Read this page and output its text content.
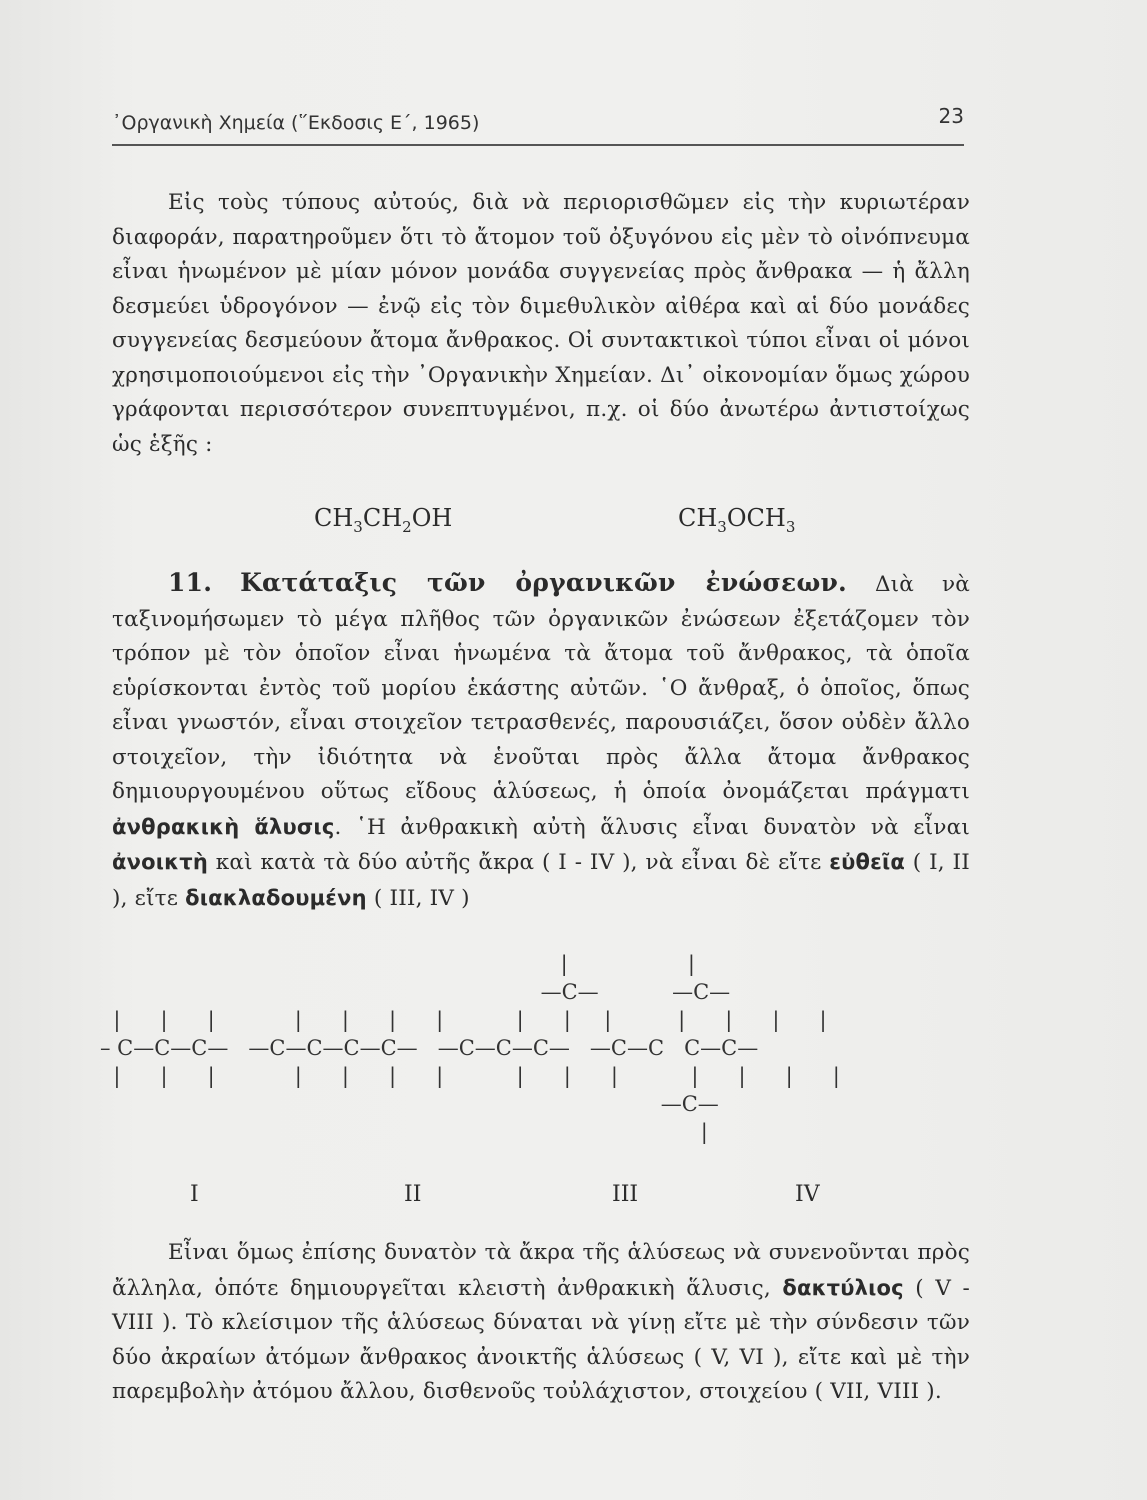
᾿Οργανικὴ Χημεία (῞Εκδοσις Ε΄, 1965)	23

Εἰς τοὺς τύπους αὐτούς, διὰ νὰ περιορισθῶμεν εἰς τὴν κυριωτέραν διαφοράν, παρατηροῦμεν ὅτι τὸ ἄτομον τοῦ ὀξυγόνου εἰς μὲν τὸ οἰνόπνευμα εἶναι ἡνωμένον μὲ μίαν μόνον μονάδα συγγενείας πρὸς ἄνθρακα — ἡ ἄλλη δεσμεύει ὑδρογόνον — ἐνῷ εἰς τὸν διμεθυλικὸν αἰθέρα καὶ αἱ δύο μονάδες συγγενείας δεσμεύουν ἄτομα ἄνθρακος. Οἱ συντακτικοὶ τύποι εἶναι οἱ μόνοι χρησιμοποιούμενοι εἰς τὴν ᾿Οργανικὴν Χημείαν. Δι᾿ οἰκονομίαν ὅμως χώρου γράφονται περισσότερον συνεπτυγμένοι, π.χ. οἱ δύο ἀνωτέρω ἀντιστοίχως ὡς ἑξῆς :

$CH_3CH_2OH$	$CH_3OCH_3$

11. Κατάταξις τῶν ὀργανικῶν ἐνώσεων. Διὰ νὰ ταξινομήσωμεν τὸ μέγα πλῆθος τῶν ὀργανικῶν ἐνώσεων ἐξετάζομεν τὸν τρόπον μὲ τὸν ὁποῖον εἶναι ἡνωμένα τὰ ἄτομα τοῦ ἄνθρακος, τὰ ὁποῖα εὑρίσκονται ἐντὸς τοῦ μορίου ἑκάστης αὐτῶν. ῾Ο ἄνθραξ, ὁ ὁποῖος, ὅπως εἶναι γνωστόν, εἶναι στοιχεῖον τετρασθενές, παρουσιάζει, ὅσον οὐδὲν ἄλλο στοιχεῖον, τὴν ἰδιότητα νὰ ἑνοῦται πρὸς ἄλλα ἄτομα ἄνθρακος δημιουργουμένου οὕτως εἴδους ἁλύσεως, ἡ ὁποία ὀνομάζεται πράγματι ἀνθρακικὴ ἅλυσις. ῾Η ἀνθρακικὴ αὐτὴ ἅλυσις εἶναι δυνατὸν νὰ εἶναι ἀνοικτὴ καὶ κατὰ τὰ δύο αὐτῆς ἄκρα ( I - IV ), νὰ εἶναι δὲ εἴτε εὐθεῖα ( I, II ), εἴτε διακλαδουμένη ( III, IV )

|                  |
—C—           —C—
|      |      |            |      |      |      |           |      |     |          |      |      |      |
– C—C—C—   —C—C—C—C—   —C—C—C—   —C—C   C—C—
|      |      |            |      |      |      |           |      |      |           |      |      |      |
—C—
|
I	II	III	IV

Εἶναι ὅμως ἐπίσης δυνατὸν τὰ ἄκρα τῆς ἁλύσεως νὰ συνενοῦνται πρὸς ἄλληλα, ὁπότε δημιουργεῖται κλειστὴ ἀνθρακικὴ ἅλυσις, δακτύλιος ( V - VIII ). Τὸ κλείσιμον τῆς ἁλύσεως δύναται νὰ γίνῃ εἴτε μὲ τὴν σύνδεσιν τῶν δύο ἀκραίων ἀτόμων ἄνθρακος ἀνοικτῆς ἁλύσεως ( V, VI ), εἴτε καὶ μὲ τὴν παρεμβολὴν ἀτόμου ἄλλου, δισθενοῦς τοὐλάχιστον, στοιχείου ( VII, VIII ).
